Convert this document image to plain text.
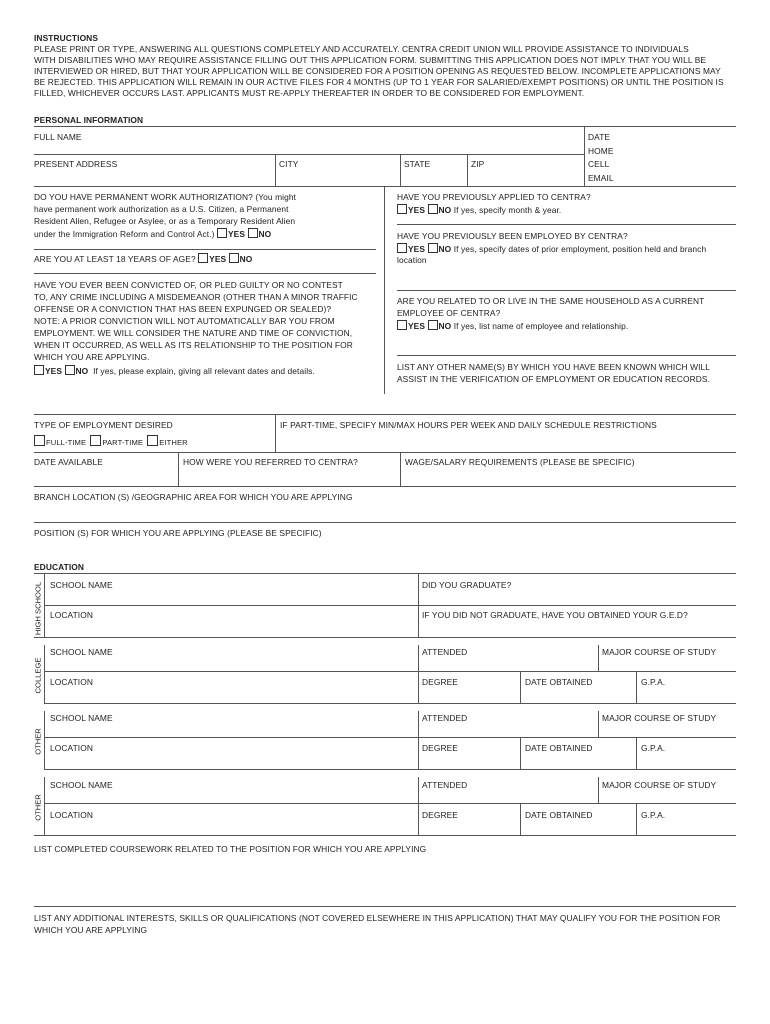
INSTRUCTIONS
PLEASE PRINT OR TYPE, ANSWERING ALL QUESTIONS COMPLETELY AND ACCURATELY. CENTRA CREDIT UNION WILL PROVIDE ASSISTANCE TO INDIVIDUALS
WITH DISABILITIES WHO MAY REQUIRE ASSISTANCE FILLING OUT THIS APPLICATION FORM. SUBMITTING THIS APPLICATION DOES NOT IMPLY THAT YOU WILL BE
INTERVIEWED OR HIRED, BUT THAT YOUR APPLICATION WILL BE CONSIDERED FOR A POSITION OPENING AS REQUESTED BELOW. INCOMPLETE APPLICATIONS MAY
BE REJECTED. THIS APPLICATION WILL REMAIN IN OUR ACTIVE FILES FOR 4 MONTHS (UP TO 1 YEAR FOR SALARIED/EXEMPT POSITIONS) OR UNTIL THE POSITION IS
FILLED, WHICHEVER OCCURS LAST. APPLICANTS MUST RE-APPLY THEREAFTER IN ORDER TO BE CONSIDERED FOR EMPLOYMENT.
PERSONAL INFORMATION
FULL NAME	DATE
HOME
CELL
EMAIL
PRESENT ADDRESS	CITY	STATE	ZIP
DO YOU HAVE PERMANENT WORK AUTHORIZATION? (You might
have permanent work authorization as a U.S. Citizen, a Permanent
Resident Alien, Refugee or Asylee, or as a Temporary Resident Alien
under the Immigration Reform and Control Act.) YES NO
ARE YOU AT LEAST 18 YEARS OF AGE? YES NO
HAVE YOU EVER BEEN CONVICTED OF, OR PLED GUILTY OR NO CONTEST
TO, ANY CRIME INCLUDING A MISDEMEANOR (OTHER THAN A MINOR TRAFFIC
OFFENSE OR A CONVICTION THAT HAS BEEN EXPUNGED OR SEALED)?
NOTE: A PRIOR CONVICTION WILL NOT AUTOMATICALLY BAR YOU FROM
EMPLOYMENT. WE WILL CONSIDER THE NATURE AND TIME OF CONVICTION,
WHEN IT OCCURRED, AS WELL AS ITS RELATIONSHIP TO THE POSITION FOR
WHICH YOU ARE APPLYING.
YES NO If yes, please explain, giving all relevant dates and details.
HAVE YOU PREVIOUSLY APPLIED TO CENTRA?
YES NO If yes, specify month & year.
HAVE YOU PREVIOUSLY BEEN EMPLOYED BY CENTRA?
YES NO If yes, specify dates of prior employment, position held and branch
location
ARE YOU RELATED TO OR LIVE IN THE SAME HOUSEHOLD AS A CURRENT
EMPLOYEE OF CENTRA?
YES NO If yes, list name of employee and relationship.
LIST ANY OTHER NAME(S) BY WHICH YOU HAVE BEEN KNOWN WHICH WILL
ASSIST IN THE VERIFICATION OF EMPLOYMENT OR EDUCATION RECORDS.
TYPE OF EMPLOYMENT DESIRED	IF PART-TIME, SPECIFY MIN/MAX HOURS PER WEEK AND DAILY SCHEDULE RESTRICTIONS
FULL-TIME PART-TIME EITHER
DATE AVAILABLE	HOW WERE YOU REFERRED TO CENTRA?	WAGE/SALARY REQUIREMENTS (PLEASE BE SPECIFIC)
BRANCH LOCATION (S) /GEOGRAPHIC AREA FOR WHICH YOU ARE APPLYING
POSITION (S) FOR WHICH YOU ARE APPLYING (PLEASE BE SPECIFIC)
EDUCATION
HIGH SCHOOL SCHOOL NAME	DID YOU GRADUATE?
LOCATION	IF YOU DID NOT GRADUATE, HAVE YOU OBTAINED YOUR G.E.D?
COLLEGE
SCHOOL NAME	ATTENDED	MAJOR COURSE OF STUDY
LOCATION	DEGREE	DATE OBTAINED	G.P.A.
OTHER
SCHOOL NAME	ATTENDED	MAJOR COURSE OF STUDY
LOCATION	DEGREE	DATE OBTAINED	G.P.A.
OTHER
SCHOOL NAME	ATTENDED	MAJOR COURSE OF STUDY
LOCATION	DEGREE	DATE OBTAINED	G.P.A.
LIST COMPLETED COURSEWORK RELATED TO THE POSITION FOR WHICH YOU ARE APPLYING
LIST ANY ADDITIONAL INTERESTS, SKILLS OR QUALIFICATIONS (NOT COVERED ELSEWHERE IN THIS APPLICATION) THAT MAY QUALIFY YOU FOR THE POSITION FOR
WHICH YOU ARE APPLYING
